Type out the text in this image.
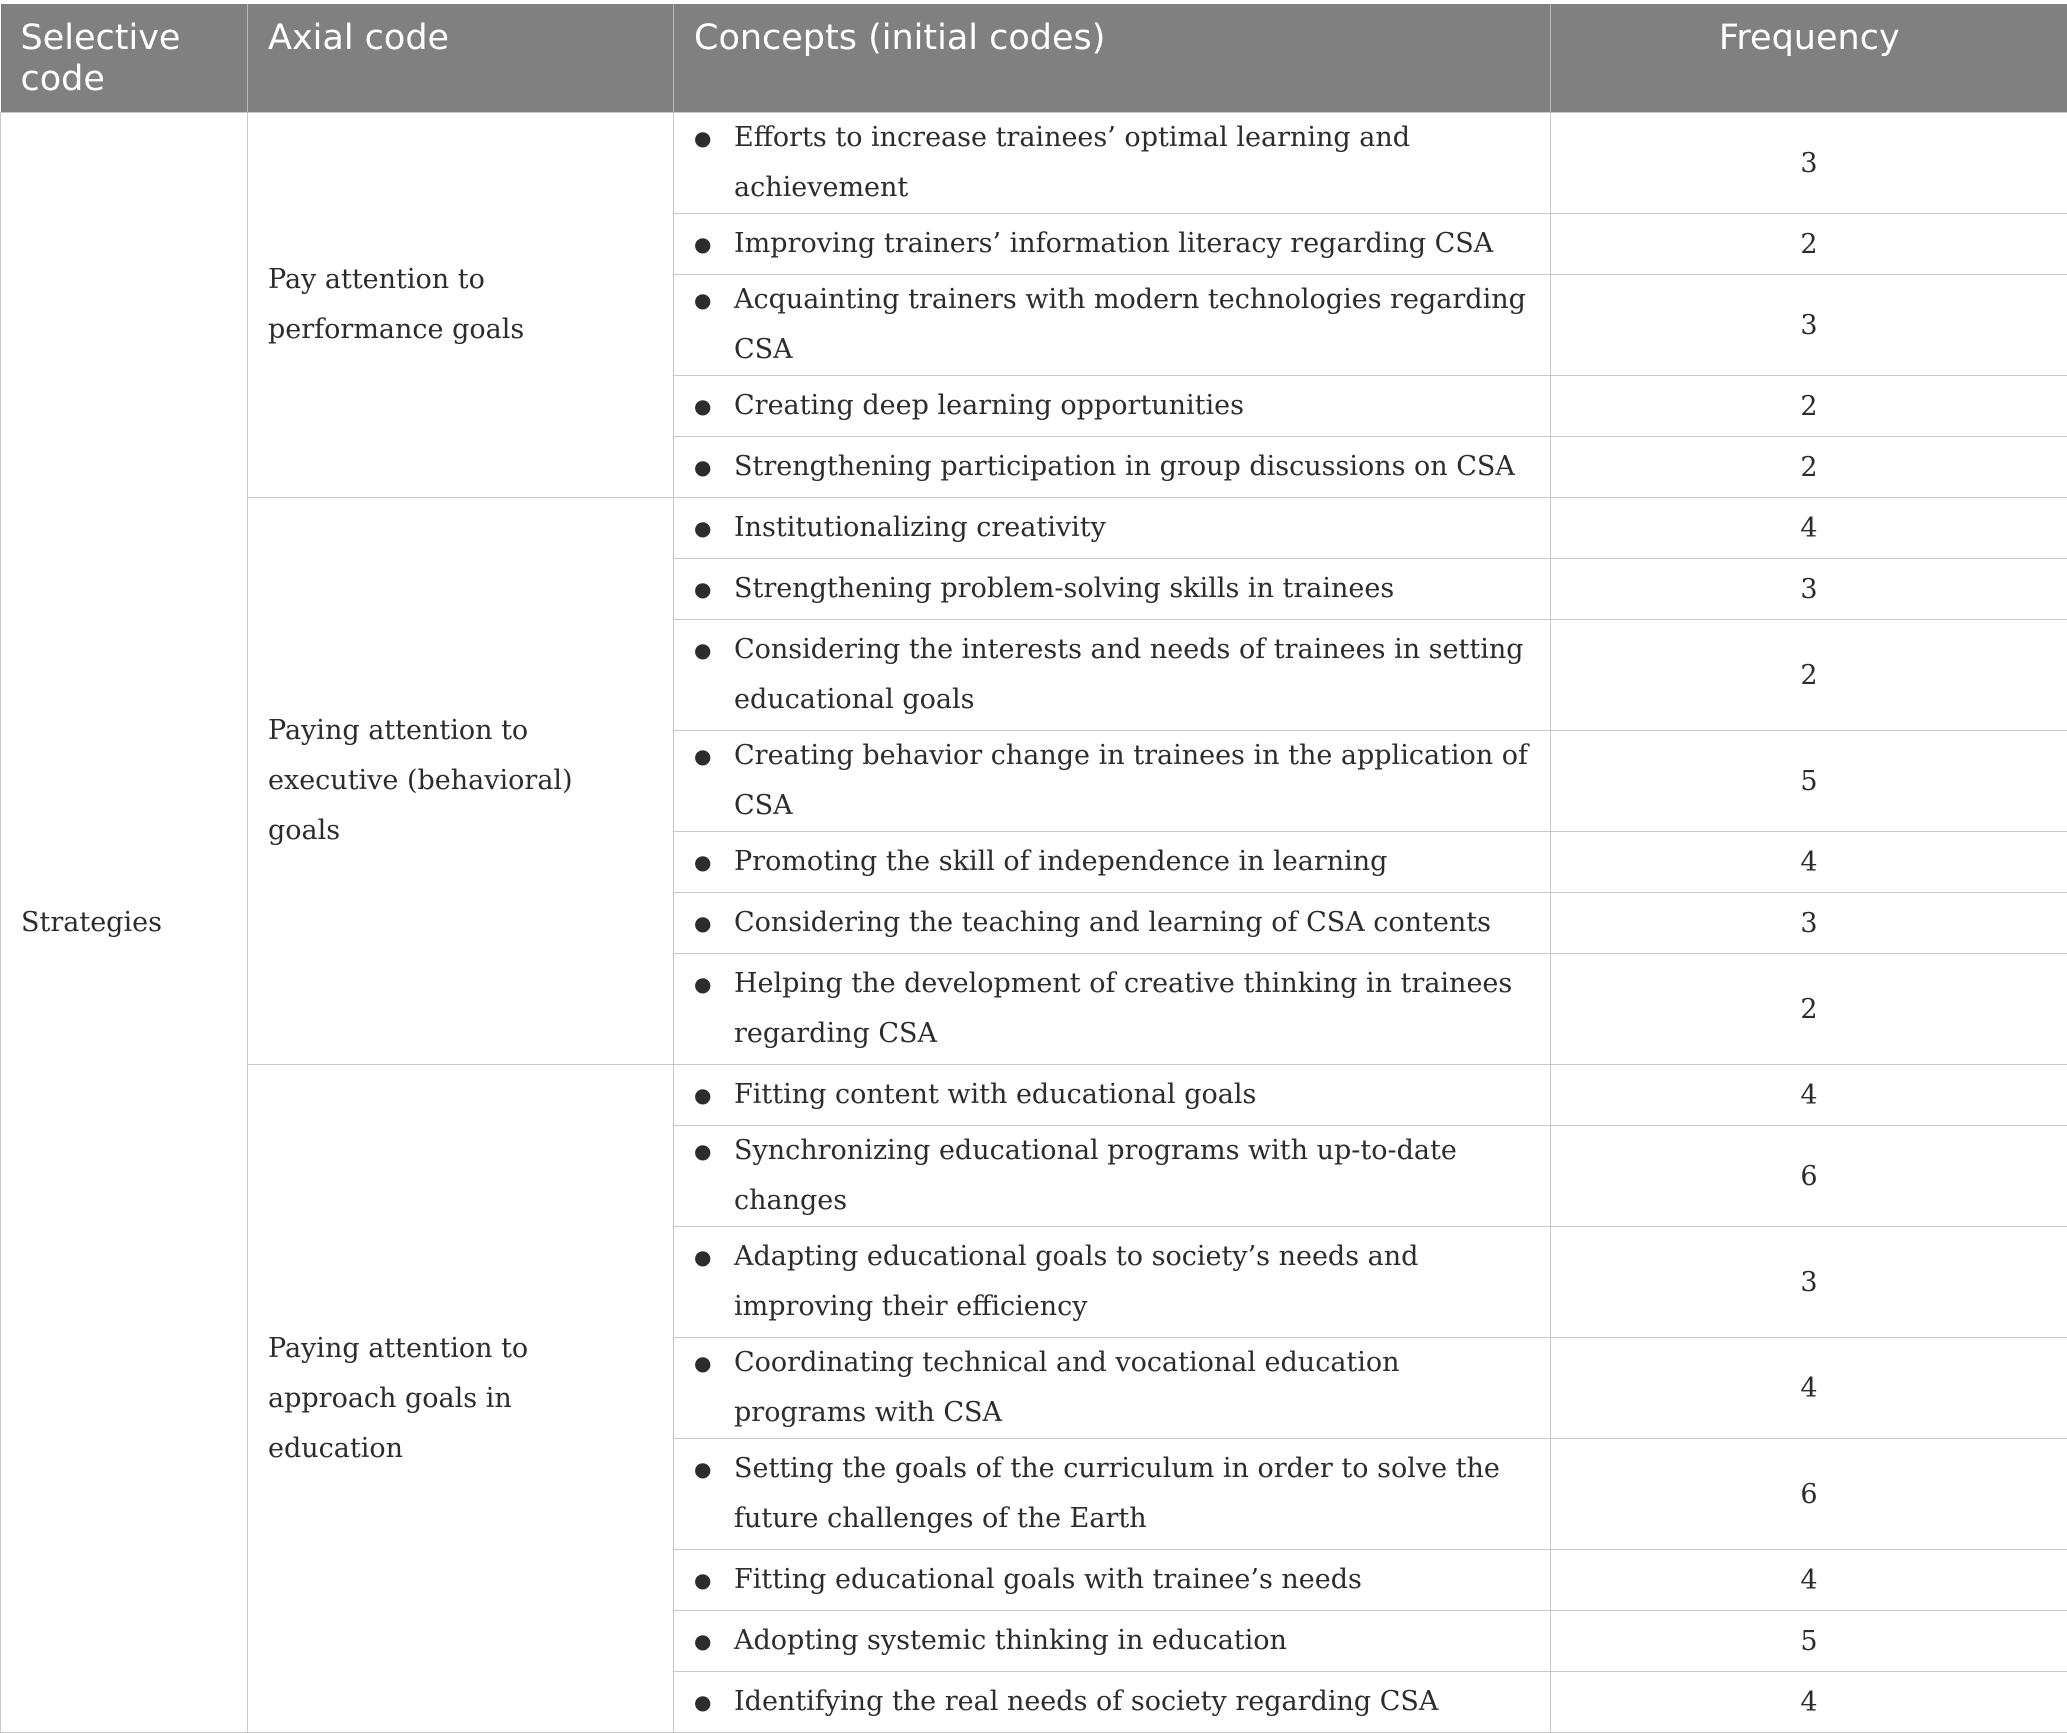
Selective code	Axial code	Concepts (initial codes)	Frequency
Strategies	Pay attention to performance goals	● Efforts to increase trainees’ optimal learning and achievement	3

		● Improving trainers’ information literacy regarding CSA	2

		● Acquainting trainers with modern technologies regarding CSA	3

		● Creating deep learning opportunities	2

		● Strengthening participation in group discussions on CSA	2
	Paying attention to executive (behavioral) goals	● Institutionalizing creativity	4

		● Strengthening problem-solving skills in trainees	3

		● Considering the interests and needs of trainees in setting educational goals	2

		● Creating behavior change in trainees in the application of CSA	5

		● Promoting the skill of independence in learning	4

		● Considering the teaching and learning of CSA contents	3

		● Helping the development of creative thinking in trainees regarding CSA	2
	Paying attention to approach goals in education	● Fitting content with educational goals	4

		● Synchronizing educational programs with up-to-date changes	6

		● Adapting educational goals to society’s needs and improving their efficiency	3

		● Coordinating technical and vocational education programs with CSA	4

		● Setting the goals of the curriculum in order to solve the future challenges of the Earth	6

		● Fitting educational goals with trainee’s needs	4

		● Adopting systemic thinking in education	5

		● Identifying the real needs of society regarding CSA	4
